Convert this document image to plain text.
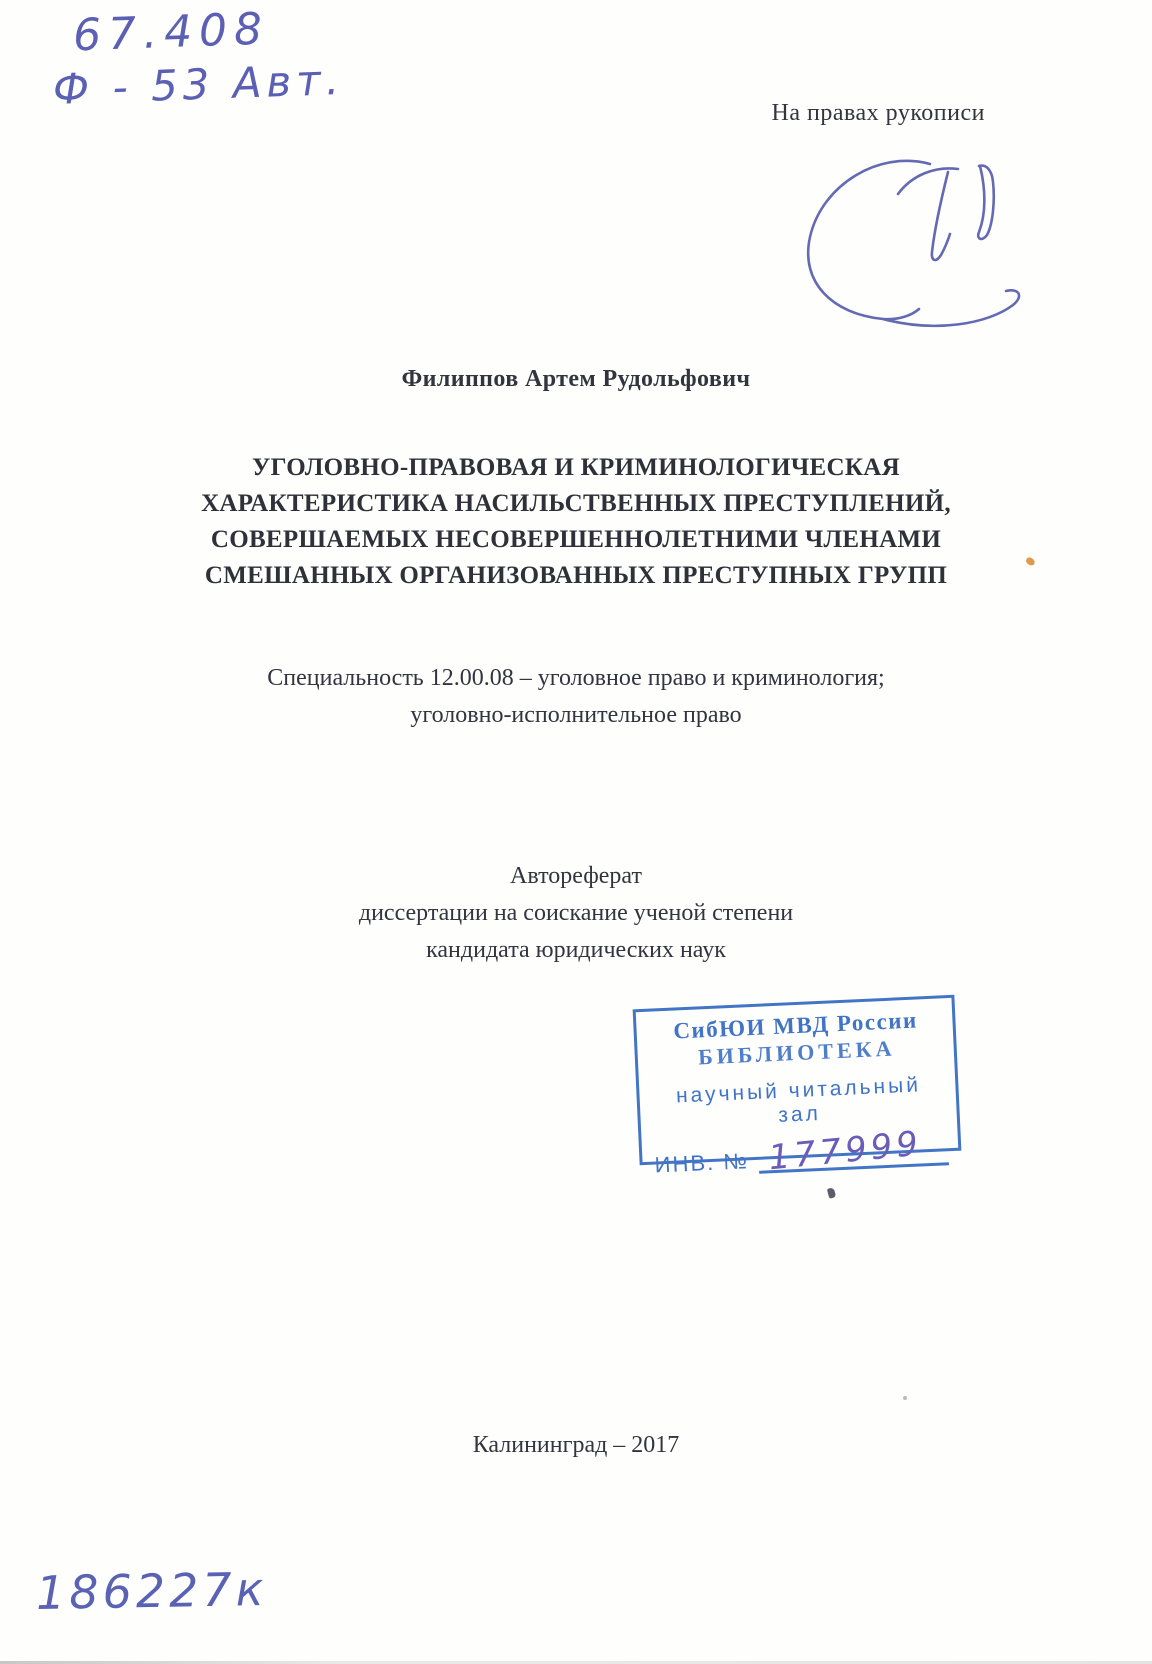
67.408
Ф - 53 Авт.	На правах рукописи
Филиппов Артем Рудольфович
УГОЛОВНО-ПРАВОВАЯ И КРИМИНОЛОГИЧЕСКАЯ
ХАРАКТЕРИСТИКА НАСИЛЬСТВЕННЫХ ПРЕСТУПЛЕНИЙ,
СОВЕРШАЕМЫХ НЕСОВЕРШЕННОЛЕТНИМИ ЧЛЕНАМИ
СМЕШАННЫХ ОРГАНИЗОВАННЫХ ПРЕСТУПНЫХ ГРУПП
Специальность 12.00.08 – уголовное право и криминология;
уголовно-исполнительное право
Автореферат
диссертации на соискание ученой степени
кандидата юридических наук
СибЮИ МВД России
БИБЛИОТЕКА
научный читальный зал
ИНВ. № 177999
Калининград – 2017
186227к
